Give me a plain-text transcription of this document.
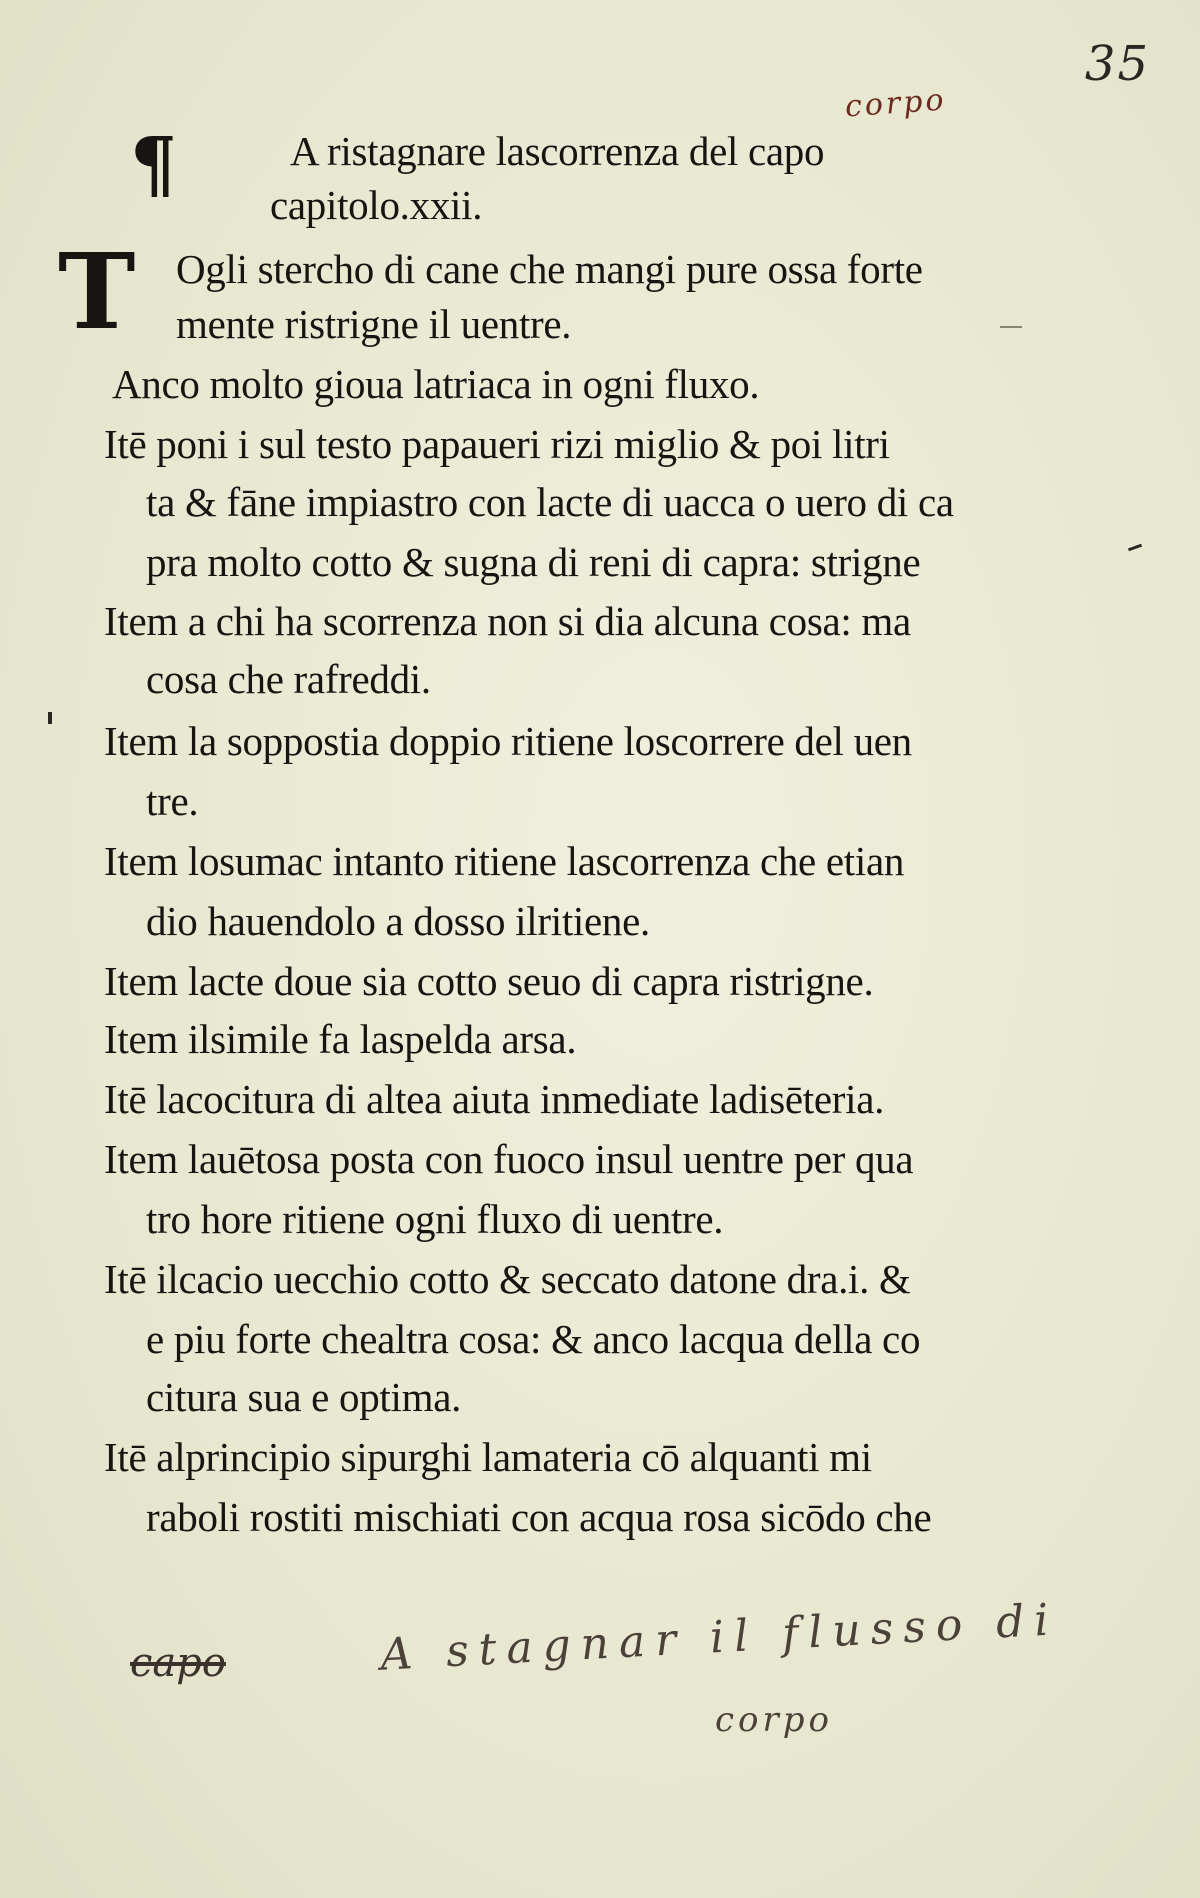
35
corpo
¶
T
A ristagnare lascorrenza del capo
capitolo.xxii.
Ogli stercho di cane che mangi pure ossa forte
mente ristrigne il uentre.
Anco molto gioua latriaca in ogni fluxo.
Itē poni i sul testo papaueri rizi miglio & poi litri
ta & fāne impiastro con lacte di uacca o uero di ca
pra molto cotto & sugna di reni di capra: strigne
Item a chi ha scorrenza non si dia alcuna cosa: ma
cosa che rafreddi.
Item la soppostia doppio ritiene loscorrere del uen
tre.
Item losumac intanto ritiene lascorrenza che etian
dio hauendolo a dosso ilritiene.
Item lacte doue sia cotto seuo di capra ristrigne.
Item ilsimile fa laspelda arsa.
Itē lacocitura di altea aiuta inmediate ladisēteria.
Item lauētosa posta con fuoco insul uentre per qua
tro hore ritiene ogni fluxo di uentre.
Itē ilcacio uecchio cotto & seccato datone dra.i. &
e piu forte chealtra cosa: & anco lacqua della co
citura sua e optima.
Itē alprincipio sipurghi lamateria cō alquanti mi
raboli rostiti mischiati con acqua rosa sicōdo che
capo	A stagnar il flusso di
corpo
